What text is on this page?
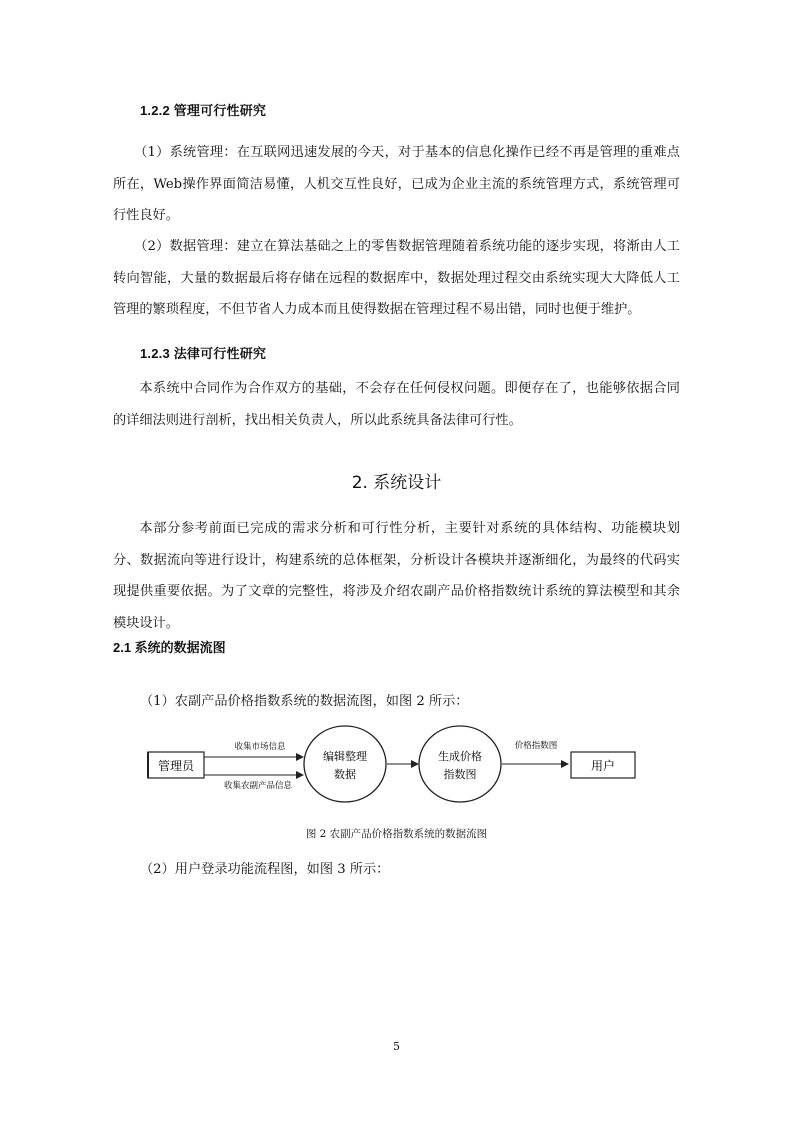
1.2.2 管理可行性研究
（1）系统管理：在互联网迅速发展的今天，对于基本的信息化操作已经不再是管理的重难点所在，Web操作界面简洁易懂，人机交互性良好，已成为企业主流的系统管理方式，系统管理可行性良好。
（2）数据管理：建立在算法基础之上的零售数据管理随着系统功能的逐步实现，将渐由人工转向智能，大量的数据最后将存储在远程的数据库中，数据处理过程交由系统实现大大降低人工管理的繁琐程度，不但节省人力成本而且使得数据在管理过程不易出错，同时也便于维护。
1.2.3 法律可行性研究
本系统中合同作为合作双方的基础，不会存在任何侵权问题。即便存在了，也能够依据合同的详细法则进行剖析，找出相关负责人，所以此系统具备法律可行性。
2. 系统设计
本部分参考前面已完成的需求分析和可行性分析，主要针对系统的具体结构、功能模块划分、数据流向等进行设计，构建系统的总体框架，分析设计各模块并逐渐细化，为最终的代码实现提供重要依据。为了文章的完整性，将涉及介绍农副产品价格指数统计系统的算法模型和其余模块设计。
2.1 系统的数据流图
（1）农副产品价格指数系统的数据流图，如图 2 所示：
管理员
收集市场信息
收集农副产品信息
编辑整理
数据
生成价格
指数图
价格指数图
用户
图 2 农副产品价格指数系统的数据流图
（2）用户登录功能流程图，如图 3 所示：
5
